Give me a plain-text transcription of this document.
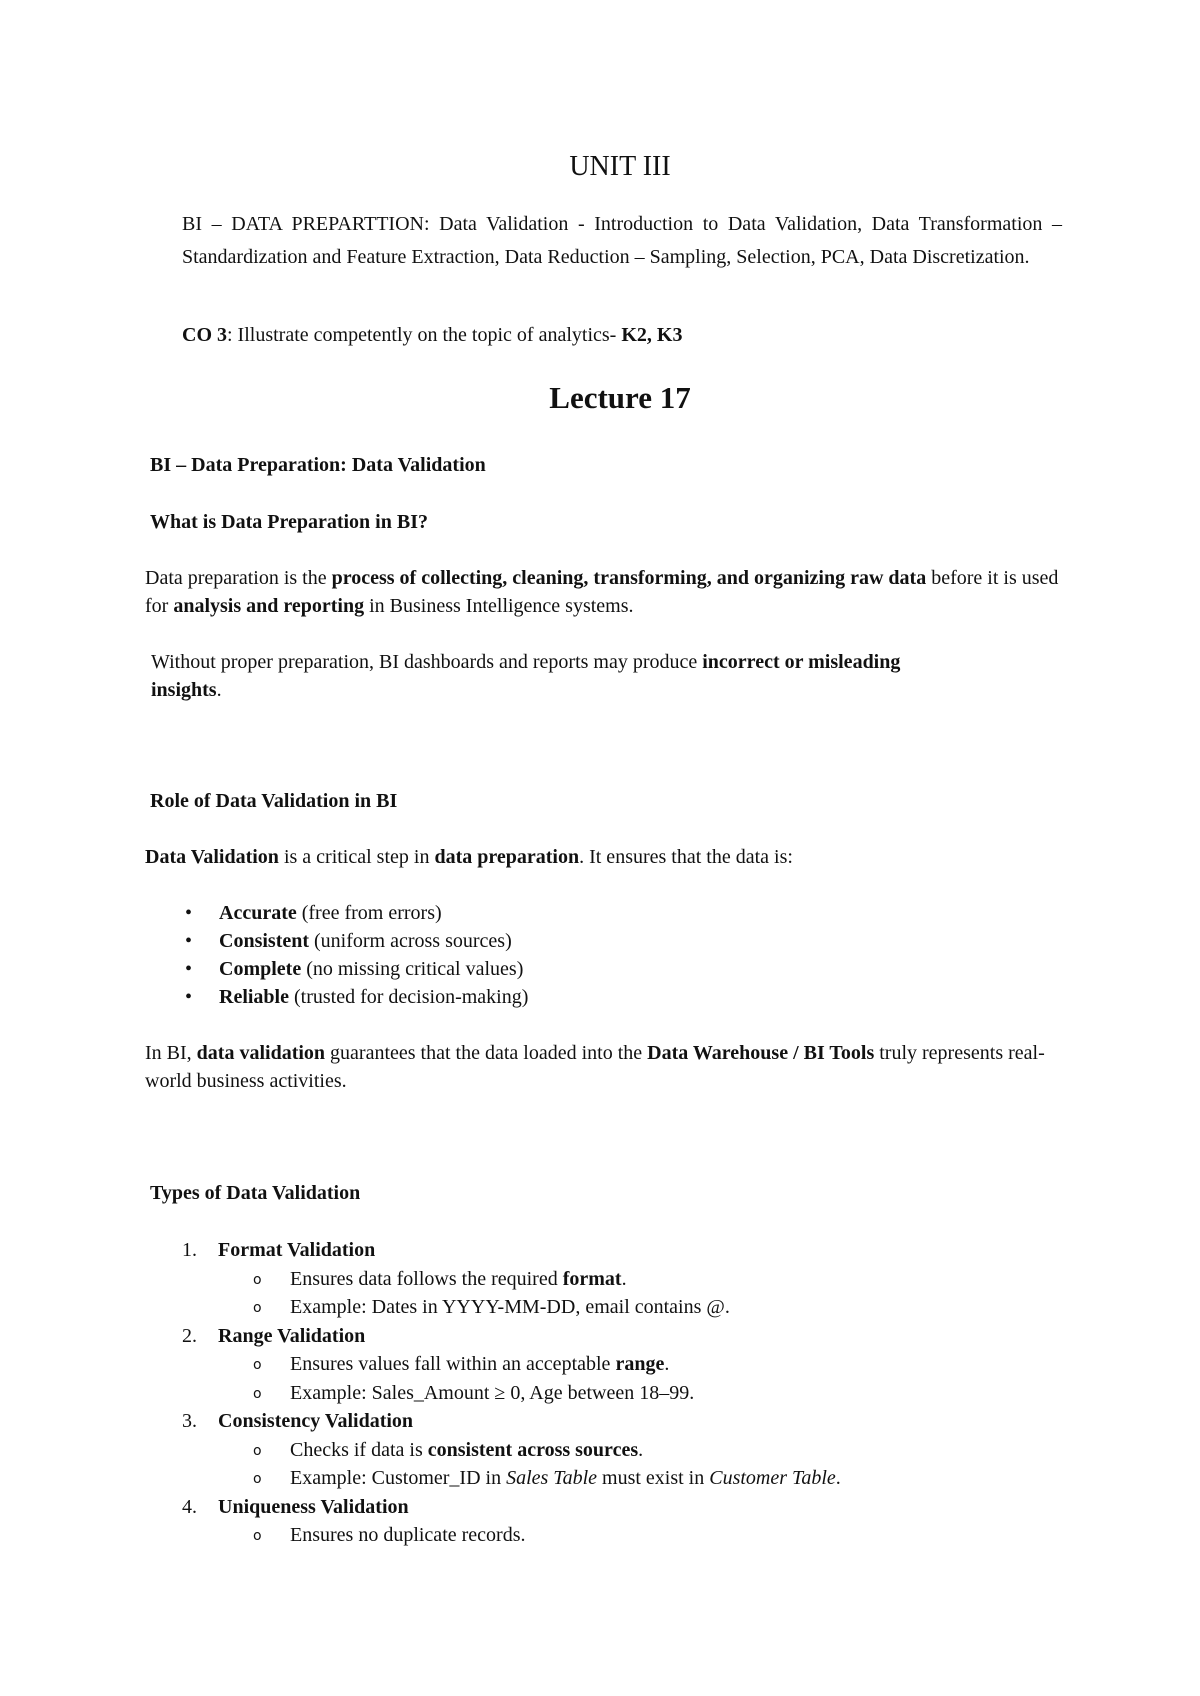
UNIT III

BI – DATA PREPARTTION: Data Validation - Introduction to Data Validation, Data Transformation – Standardization and Feature Extraction, Data Reduction – Sampling, Selection, PCA, Data Discretization.

CO 3: Illustrate competently on the topic of analytics- K2, K3

Lecture 17

BI – Data Preparation: Data Validation

What is Data Preparation in BI?

Data preparation is the process of collecting, cleaning, transforming, and organizing raw data before it is used for analysis and reporting in Business Intelligence systems.

Without proper preparation, BI dashboards and reports may produce incorrect or misleading insights.

Role of Data Validation in BI

Data Validation is a critical step in data preparation. It ensures that the data is:

• Accurate (free from errors)
• Consistent (uniform across sources)
• Complete (no missing critical values)
• Reliable (trusted for decision-making)

In BI, data validation guarantees that the data loaded into the Data Warehouse / BI Tools truly represents real-world business activities.

Types of Data Validation

1. Format Validation
o Ensures data follows the required format.
o Example: Dates in YYYY-MM-DD, email contains @.
2. Range Validation
o Ensures values fall within an acceptable range.
o Example: Sales_Amount ≥ 0, Age between 18–99.
3. Consistency Validation
o Checks if data is consistent across sources.
o Example: Customer_ID in Sales Table must exist in Customer Table.
4. Uniqueness Validation
o Ensures no duplicate records.
